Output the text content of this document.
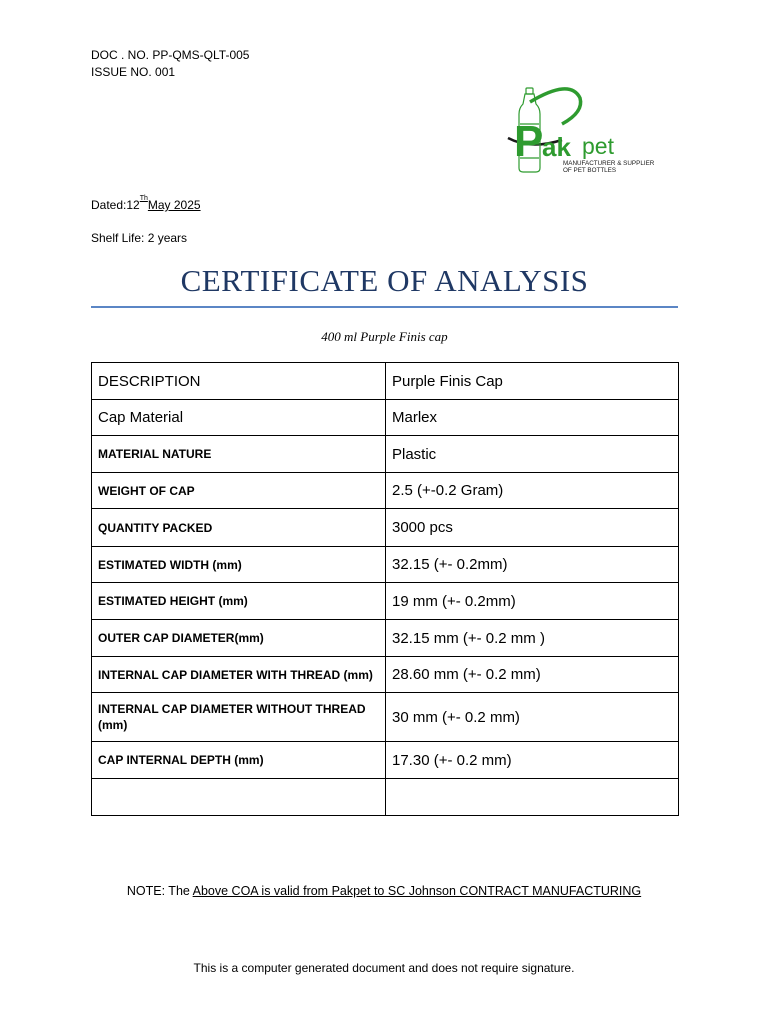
DOC . NO. PP-QMS-QLT-005
ISSUE NO. 001
P
ak pet
MANUFACTURER & SUPPLIER
OF PET BOTTLES
Dated:12ThMay 2025
Shelf Life: 2 years
CERTIFICATE OF ANALYSIS
400 ml Purple Finis cap
DESCRIPTION	Purple Finis Cap
Cap Material	Marlex
MATERIAL NATURE	Plastic
WEIGHT OF CAP	2.5 (+-0.2 Gram)
QUANTITY PACKED	3000 pcs
ESTIMATED WIDTH (mm)	32.15 (+- 0.2mm)
ESTIMATED HEIGHT (mm)	19 mm (+- 0.2mm)
OUTER CAP DIAMETER(mm)	32.15 mm (+- 0.2 mm )
INTERNAL CAP DIAMETER WITH THREAD (mm)	28.60 mm (+- 0.2 mm)
INTERNAL CAP DIAMETER WITHOUT THREAD (mm)	30 mm (+- 0.2 mm)
CAP INTERNAL DEPTH (mm)	17.30 (+- 0.2 mm)

NOTE: The Above COA is valid from Pakpet to SC Johnson CONTRACT MANUFACTURING
This is a computer generated document and does not require signature.
